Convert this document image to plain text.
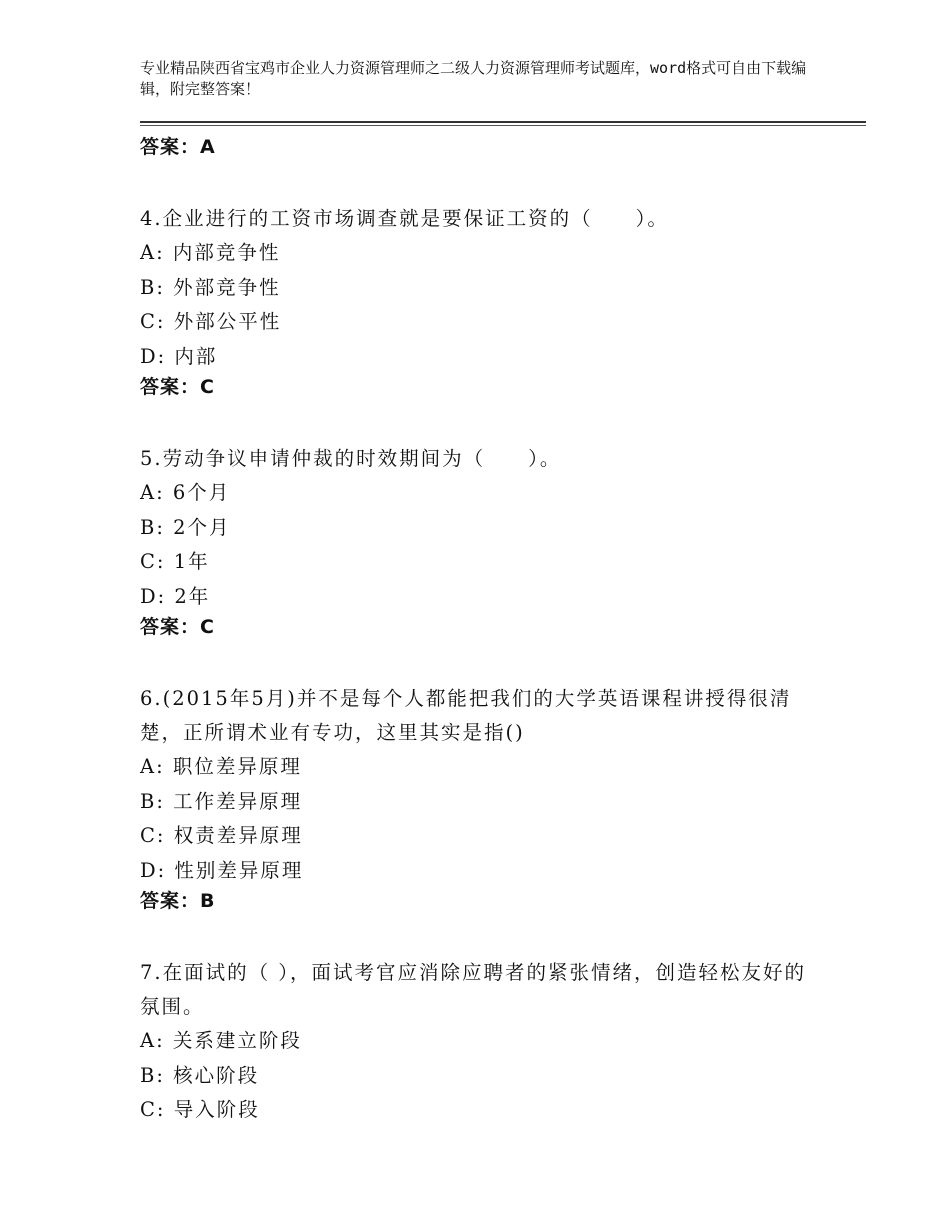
专业精品陕西省宝鸡市企业人力资源管理师之二级人力资源管理师考试题库，word格式可自由下载编辑，附完整答案！

答案：A

4.企业进行的工资市场调查就是要保证工资的（　　）。

A: 内部竞争性

B: 外部竞争性

C: 外部公平性

D: 内部

答案：C

5.劳动争议申请仲裁的时效期间为（　　）。

A: 6个月

B: 2个月

C: 1年

D: 2年

答案：C

6.(2015年5月)并不是每个人都能把我们的大学英语课程讲授得很清楚，正所谓术业有专功，这里其实是指()

A: 职位差异原理

B: 工作差异原理

C: 权责差异原理

D: 性别差异原理

答案：B

7.在面试的（ ），面试考官应消除应聘者的紧张情绪，创造轻松友好的氛围。

A: 关系建立阶段

B: 核心阶段

C: 导入阶段
